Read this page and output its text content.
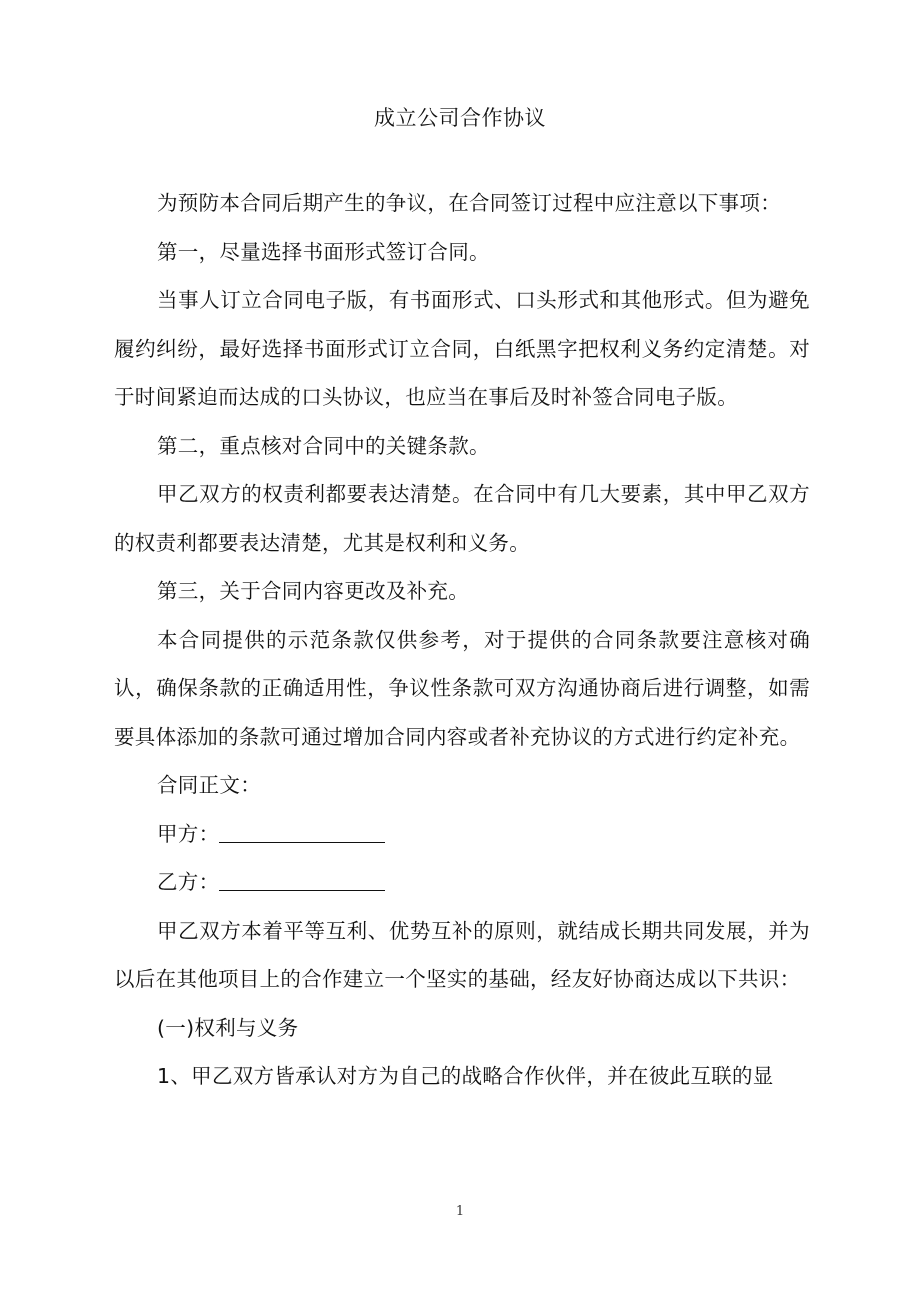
成立公司合作协议

为预防本合同后期产生的争议，在合同签订过程中应注意以下事项：

第一，尽量选择书面形式签订合同。

当事人订立合同电子版，有书面形式、口头形式和其他形式。但为避免履约纠纷，最好选择书面形式订立合同，白纸黑字把权利义务约定清楚。对于时间紧迫而达成的口头协议，也应当在事后及时补签合同电子版。

第二，重点核对合同中的关键条款。

甲乙双方的权责利都要表达清楚。在合同中有几大要素，其中甲乙双方的权责利都要表达清楚，尤其是权利和义务。

第三，关于合同内容更改及补充。

本合同提供的示范条款仅供参考，对于提供的合同条款要注意核对确认，确保条款的正确适用性，争议性条款可双方沟通协商后进行调整，如需要具体添加的条款可通过增加合同内容或者补充协议的方式进行约定补充。

合同正文：

甲方：

乙方：

甲乙双方本着平等互利、优势互补的原则，就结成长期共同发展，并为以后在其他项目上的合作建立一个坚实的基础，经友好协商达成以下共识：

(一)权利与义务

1、甲乙双方皆承认对方为自己的战略合作伙伴，并在彼此互联的显

1
